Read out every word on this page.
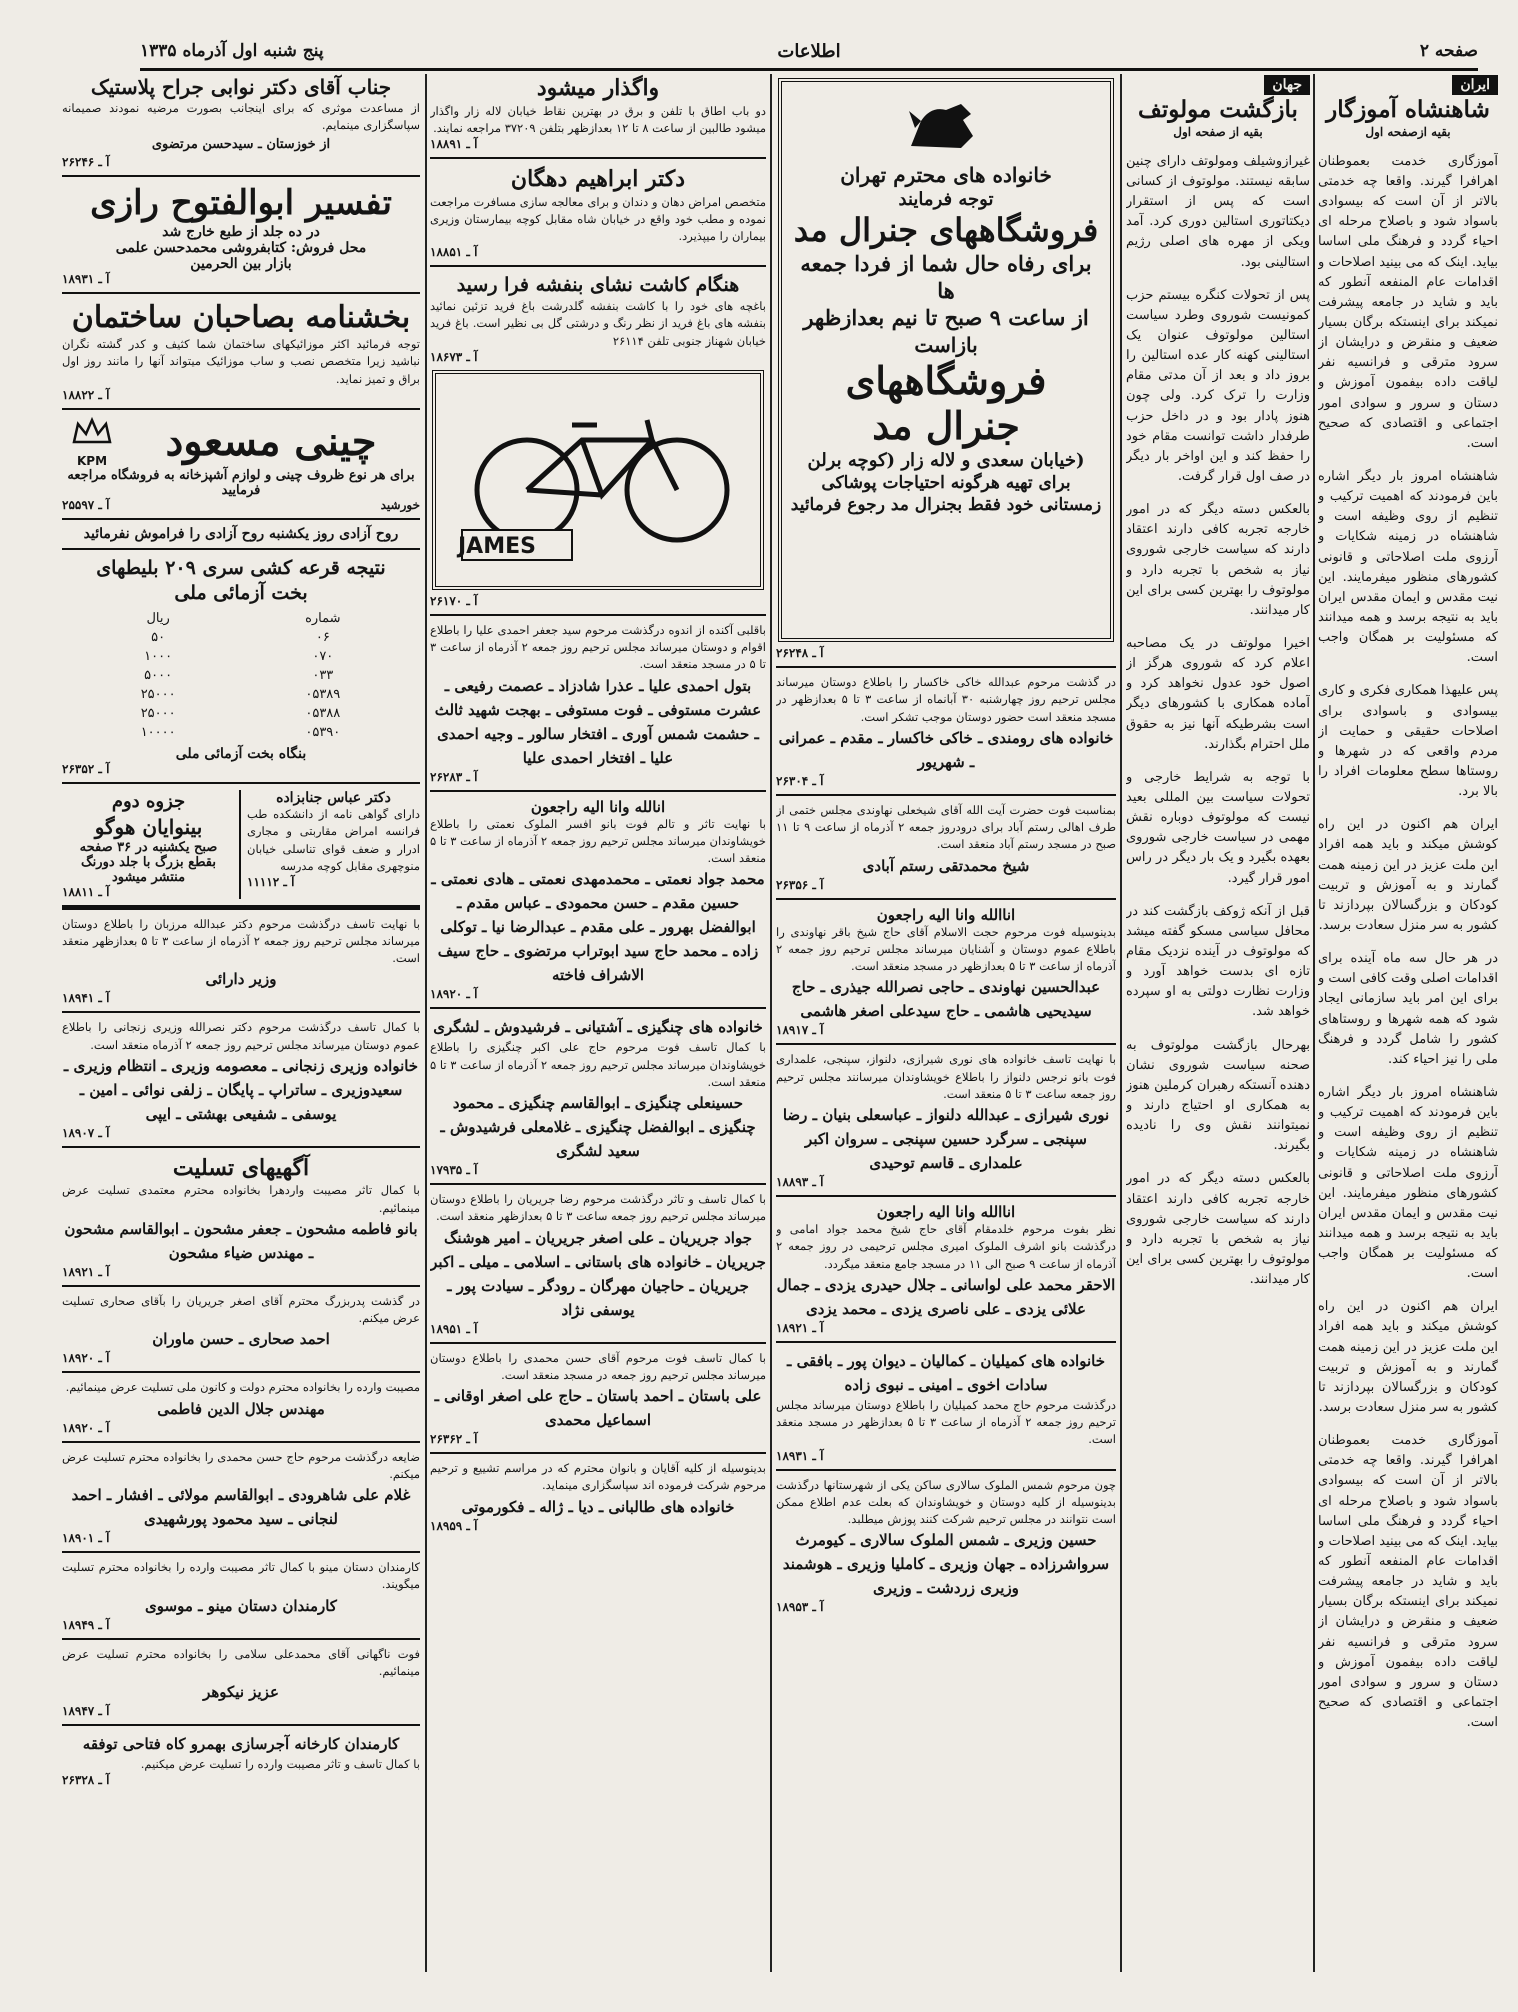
صفحه ۲
اطلاعات
پنج شنبه اول آذرماه ۱۳۳۵
ایران
شاهنشاه آموزگار
بقیه ازصفحه اول

آموزگاری خدمت بعموطنان اهرافرا گیرند. واقعا چه خدمتی بالاتر از آن است که بیسوادی باسواد شود و باصلاح مرحله ای احیاء گردد و فرهنگ ملی اساسا بیاید. اینک که می بینید اصلاحات و اقدامات عام المنفعه آنطور که باید و شاید در جامعه پیشرفت نمیکند برای اینستکه برگان بسیار ضعیف و منقرض و درایشان از سرود مترقی و فرانسیه نفر لیاقت داده بیفمون آموزش و دستان و سرور و سوادی امور اجتماعی و اقتصادی که صحیح است.

شاهنشاه امروز بار دیگر اشاره باین فرمودند که اهمیت ترکیب و تنظیم از روی وظیفه است و شاهنشاه در زمینه شکایات و آرزوی ملت اصلاحاتی و قانونی کشورهای منظور میفرمایند. این نیت مقدس و ایمان مقدس ایران باید به نتیجه برسد و همه میدانند که مسئولیت بر همگان واجب است.

پس علیهذا همکاری فکری و کاری بیسوادی و باسوادی برای اصلاحات حقیقی و حمایت از مردم واقعی که در شهرها و روستاها سطح معلومات افراد را بالا برد.

ایران هم اکنون در این راه کوشش میکند و باید همه افراد این ملت عزیز در این زمینه همت گمارند و به آموزش و تربیت کودکان و بزرگسالان بپردازند تا کشور به سر منزل سعادت برسد.

در هر حال سه ماه آینده برای اقدامات اصلی وقت کافی است و برای این امر باید سازمانی ایجاد شود که همه شهرها و روستاهای کشور را شامل گردد و فرهنگ ملی را نیز احیاء کند.

شاهنشاه امروز بار دیگر اشاره باین فرمودند که اهمیت ترکیب و تنظیم از روی وظیفه است و شاهنشاه در زمینه شکایات و آرزوی ملت اصلاحاتی و قانونی کشورهای منظور میفرمایند. این نیت مقدس و ایمان مقدس ایران باید به نتیجه برسد و همه میدانند که مسئولیت بر همگان واجب است.

ایران هم اکنون در این راه کوشش میکند و باید همه افراد این ملت عزیز در این زمینه همت گمارند و به آموزش و تربیت کودکان و بزرگسالان بپردازند تا کشور به سر منزل سعادت برسد.

آموزگاری خدمت بعموطنان اهرافرا گیرند. واقعا چه خدمتی بالاتر از آن است که بیسوادی باسواد شود و باصلاح مرحله ای احیاء گردد و فرهنگ ملی اساسا بیاید. اینک که می بینید اصلاحات و اقدامات عام المنفعه آنطور که باید و شاید در جامعه پیشرفت نمیکند برای اینستکه برگان بسیار ضعیف و منقرض و درایشان از سرود مترقی و فرانسیه نفر لیاقت داده بیفمون آموزش و دستان و سرور و سوادی امور اجتماعی و اقتصادی که صحیح است.

جهان
بازگشت مولوتف
بقیه از صفحه اول

غیرازوشیلف ومولوتف دارای چنین سابقه نیستند. مولوتوف از کسانی است که پس از استقرار دیکتاتوری استالین دوری کرد. آمد ویکی از مهره های اصلی رژیم استالینی بود.

پس از تحولات کنگره بیستم حزب کمونیست شوروی وطرد سیاست استالین مولوتوف عنوان یک استالینی کهنه کار عده استالین را بروز داد و بعد از آن مدتی مقام وزارت را ترک کرد. ولی چون هنوز پادار بود و در داخل حزب طرفدار داشت توانست مقام خود را حفظ کند و این اواخر بار دیگر در صف اول قرار گرفت.

بالعکس دسته دیگر که در امور خارجه تجربه کافی دارند اعتقاد دارند که سیاست خارجی شوروی نیاز به شخص با تجربه دارد و مولوتوف را بهترین کسی برای این کار میدانند.

اخیرا مولوتف در یک مصاحبه اعلام کرد که شوروی هرگز از اصول خود عدول نخواهد کرد و آماده همکاری با کشورهای دیگر است بشرطیکه آنها نیز به حقوق ملل احترام بگذارند.

با توجه به شرایط خارجی و تحولات سیاست بین المللی بعید نیست که مولوتوف دوباره نقش مهمی در سیاست خارجی شوروی بعهده بگیرد و یک بار دیگر در راس امور قرار گیرد.

قبل از آنکه ژوکف بازگشت کند در محافل سیاسی مسکو گفته میشد که مولوتوف در آینده نزدیک مقام تازه ای بدست خواهد آورد و وزارت نظارت دولتی به او سپرده خواهد شد.

بهرحال بازگشت مولوتوف به صحنه سیاست شوروی نشان دهنده آنستکه رهبران کرملین هنوز به همکاری او احتیاج دارند و نمیتوانند نقش وی را نادیده بگیرند.

بالعکس دسته دیگر که در امور خارجه تجربه کافی دارند اعتقاد دارند که سیاست خارجی شوروی نیاز به شخص با تجربه دارد و مولوتوف را بهترین کسی برای این کار میدانند.

خانواده های محترم تهران
توجه فرمایند
فروشگاههای جنرال مد
برای رفاه حال شما از فردا جمعه ها
از ساعت ۹ صبح تا نیم بعدازظهر
بازاست
فروشگاههای
جنرال مد
(خیابان سعدی و لاله زار (کوچه برلن
برای تهیه هرگونه احتیاجات پوشاکی
زمستانی خود فقط بجنرال مد رجوع فرمائید
آ ـ ۲۶۲۴۸
در گذشت مرحوم عبدالله خاکی خاکسار را باطلاع دوستان میرساند مجلس ترحیم روز چهارشنبه ۳۰ آبانماه از ساعت ۳ تا ۵ بعدازظهر در مسجد منعقد است حضور دوستان موجب تشکر است.
خانواده های رومندی ـ خاکی خاکسار ـ مقدم ـ عمرانی ـ شهریور
آ ـ ۲۶۳۰۴
بمناسبت فوت حضرت آیت الله آقای شیخعلی نهاوندی مجلس ختمی از طرف اهالی رستم آباد برای درودروز جمعه ۲ آذرماه از ساعت ۹ تا ۱۱ صبح در مسجد رستم آباد منعقد است.
شیخ محمدتقی رستم آبادی
آ ـ ۲۶۳۵۶
اناالله وانا الیه راجعون
بدینوسیله فوت مرحوم حجت الاسلام آقای حاج شیخ باقر نهاوندی را باطلاع عموم دوستان و آشنایان میرساند مجلس ترحیم روز جمعه ۲ آذرماه از ساعت ۳ تا ۵ بعدازظهر در مسجد منعقد است.
عبدالحسین نهاوندی ـ حاجی نصرالله جیذری ـ حاج سیدیحیی هاشمی ـ حاج سیدعلی اصغر هاشمی
آ ـ ۱۸۹۱۷
با نهایت تاسف خانواده های نوری شیرازی، دلنواز، سپنجی، علمداری فوت بانو نرجس دلنواز را باطلاع خویشاوندان میرسانند مجلس ترحیم روز جمعه ساعت ۳ تا ۵ منعقد است.
نوری شیرازی ـ عبدالله دلنواز ـ عباسعلی بنیان ـ رضا سپنجی ـ سرگرد حسین سپنجی ـ سروان اکبر علمداری ـ قاسم توحیدی
آ ـ ۱۸۸۹۳
اناالله وانا الیه راجعون
نظر بفوت مرحوم خلدمقام آقای حاج شیخ محمد جواد امامی و درگذشت بانو اشرف الملوک امیری مجلس ترحیمی در روز جمعه ۲ آذرماه از ساعت ۹ صبح الی ۱۱ در مسجد جامع منعقد میگردد.
الاحقر محمد علی لواسانی ـ جلال حیدری یزدی ـ جمال علائی یزدی ـ علی ناصری یزدی ـ محمد یزدی
آ ـ ۱۸۹۲۱
خانواده های کمیلیان ـ کمالیان ـ دیوان پور ـ بافقی ـ سادات اخوی ـ امینی ـ نبوی زاده
درگذشت مرحوم حاج محمد کمیلیان را باطلاع دوستان میرساند مجلس ترحیم روز جمعه ۲ آذرماه از ساعت ۳ تا ۵ بعدازظهر در مسجد منعقد است.
آ ـ ۱۸۹۳۱
چون مرحوم شمس الملوک سالاری ساکن یکی از شهرستانها درگذشت بدینوسیله از کلیه دوستان و خویشاوندان که بعلت عدم اطلاع ممکن است نتوانند در مجلس ترحیم شرکت کنند پوزش میطلبد.
حسین وزیری ـ شمس الملوک سالاری ـ کیومرث سرواشرزاده ـ جهان وزیری ـ کاملیا وزیری ـ هوشمند وزیری زردشت ـ وزیری
آ ـ ۱۸۹۵۳
واگذار میشود
دو باب اطاق با تلفن و برق در بهترین نقاط خیابان لاله زار واگذار میشود طالبین از ساعت ۸ تا ۱۲ بعدازظهر بتلفن ۳۷۲۰۹ مراجعه نمایند.
آ ـ ۱۸۸۹۱
دکتر ابراهیم دهگان
متخصص امراض دهان و دندان و برای معالجه سازی مسافرت مراجعت نموده و مطب خود واقع در خیابان شاه مقابل کوچه بیمارستان وزیری بیماران را میپذیرد.
آ ـ ۱۸۸۵۱
هنگام کاشت نشای بنفشه فرا رسید
باغچه های خود را با کاشت بنفشه گلدرشت باغ فرید تزئین نمائید بنفشه های باغ فرید از نظر رنگ و درشتی گل بی نظیر است. باغ فرید خیابان شهناز جنوبی تلفن ۲۶۱۱۴
آ ـ ۱۸۶۷۳
JAMES
آ ـ ۲۶۱۷۰
باقلبی آکنده از اندوه درگذشت مرحوم سید جعفر احمدی علیا را باطلاع اقوام و دوستان میرساند مجلس ترحیم روز جمعه ۲ آذرماه از ساعت ۳ تا ۵ در مسجد منعقد است.
بتول احمدی علیا ـ عذرا شادزاد ـ عصمت رفیعی ـ عشرت مستوفی ـ فوت مستوفی ـ بهجت شهید ثالث ـ حشمت شمس آوری ـ افتخار سالور ـ وجیه احمدی علیا ـ افتخار احمدی علیا
آ ـ ۲۶۲۸۳
انالله وانا الیه راجعون
با نهایت تاثر و تالم فوت بانو افسر الملوک نعمتی را باطلاع خویشاوندان میرساند مجلس ترحیم روز جمعه ۲ آذرماه از ساعت ۳ تا ۵ منعقد است.
محمد جواد نعمتی ـ محمدمهدی نعمتی ـ هادی نعمتی ـ حسین مقدم ـ حسن محمودی ـ عباس مقدم ـ ابوالفضل بهرور ـ علی مقدم ـ عبدالرضا نیا ـ توکلی زاده ـ محمد حاج سید ابوتراب مرتضوی ـ حاج سیف الاشراف فاخته
آ ـ ۱۸۹۲۰
خانواده های چنگیزی ـ آشتیانی ـ فرشیدوش ـ لشگری
با کمال تاسف فوت مرحوم حاج علی اکبر چنگیزی را باطلاع خویشاوندان میرساند مجلس ترحیم روز جمعه ۲ آذرماه از ساعت ۳ تا ۵ منعقد است.
حسینعلی چنگیزی ـ ابوالقاسم چنگیزی ـ محمود چنگیزی ـ ابوالفضل چنگیزی ـ غلامعلی فرشیدوش ـ سعید لشگری
آ ـ ۱۷۹۳۵
با کمال تاسف و تاثر درگذشت مرحوم رضا جریریان را باطلاع دوستان میرساند مجلس ترحیم روز جمعه ساعت ۳ تا ۵ بعدازظهر منعقد است.
جواد جریریان ـ علی اصغر جریریان ـ امیر هوشنگ جریریان ـ خانواده های باستانی ـ اسلامی ـ میلی ـ اکبر جریریان ـ حاجیان مهرگان ـ رودگر ـ سیادت پور ـ یوسفی نژاد
آ ـ ۱۸۹۵۱
با کمال تاسف فوت مرحوم آقای حسن محمدی را باطلاع دوستان میرساند مجلس ترحیم روز جمعه در مسجد منعقد است.
علی باستان ـ احمد باستان ـ حاج علی اصغر اوقانی ـ اسماعیل محمدی
آ ـ ۲۶۳۶۲
بدینوسیله از کلیه آقایان و بانوان محترم که در مراسم تشییع و ترحیم مرحوم شرکت فرموده اند سپاسگزاری مینماید.
خانواده های طالبانی ـ دیا ـ ژاله ـ فکورموتی
آ ـ ۱۸۹۵۹
جناب آقای دکتر نوابی جراح پلاستیک
از مساعدت موثری که برای اینجانب بصورت مرضیه نمودند صمیمانه سپاسگزاری مینمایم.
از خوزستان ـ سیدحسن مرتضوی
آ ـ ۲۶۲۴۶
تفسیر ابوالفتوح رازی
در ده جلد از طبع خارج شد
محل فروش: کتابفروشی محمدحسن علمی
بازار بین الحرمین
آ ـ ۱۸۹۳۱
بخشنامه بصاحبان ساختمان
توجه فرمائید اکثر موزائیکهای ساختمان شما کثیف و کدر گشته نگران نباشید زیرا متخصص نصب و ساب موزائیک میتواند آنها را مانند روز اول براق و تمیز نماید.
آ ـ ۱۸۸۲۲
چینی مسعود
KPM
برای هر نوع ظروف چینی و لوازم آشپزخانه به فروشگاه مراجعه فرمایید
خورشید
آ ـ ۲۵۵۹۷
روح آزادی روز یکشنبه روح آزادی را فراموش نفرمائید
نتیجه قرعه کشی سری ۲۰۹ بلیطهای
بخت آزمائی ملی
شماره	ریال
۰۶	۵۰
۰۷۰	۱۰۰۰
۰۳۳	۵۰۰۰
۰۵۳۸۹	۲۵۰۰۰
۰۵۳۸۸	۲۵۰۰۰
۰۵۳۹۰	۱۰۰۰۰
بنگاه بخت آزمائی ملی
آ ـ ۲۶۳۵۲
دکتر عباس جنابزاده
دارای گواهی نامه از دانشکده طب فرانسه امراض مقاربتی و مجاری ادرار و ضعف قوای تناسلی خیابان منوچهری مقابل کوچه مدرسه
آ ـ ۱۱۱۱۲
جزوه دوم
بینوایان هوگو
صبح یکشنبه در ۳۶ صفحه
بقطع بزرگ با جلد دورنگ منتشر میشود
آ ـ ۱۸۸۱۱
با نهایت تاسف درگذشت مرحوم دکتر عبدالله مرزبان را باطلاع دوستان میرساند مجلس ترحیم روز جمعه ۲ آذرماه از ساعت ۳ تا ۵ بعدازظهر منعقد است.
وزیر دارائی
آ ـ ۱۸۹۴۱
با کمال تاسف درگذشت مرحوم دکتر نصرالله وزیری زنجانی را باطلاع عموم دوستان میرساند مجلس ترحیم روز جمعه ۲ آذرماه منعقد است.
خانواده وزیری زنجانی ـ معصومه وزیری ـ انتظام وزیری ـ سعیدوزیری ـ ساتراپ ـ پایگان ـ زلفی نوائی ـ امین ـ یوسفی ـ شفیعی بهشتی ـ ایپی
آ ـ ۱۸۹۰۷
آگهیهای تسلیت
با کمال تاثر مصیبت واردهرا بخانواده محترم معتمدی تسلیت عرض مینمائیم.
بانو فاطمه مشحون ـ جعفر مشحون ـ ابوالقاسم مشحون ـ مهندس ضیاء مشحون
آ ـ ۱۸۹۲۱
در گذشت پدربزرگ محترم آقای اصغر جریریان را بآقای صحاری تسلیت عرض میکنم.
احمد صحاری ـ حسن ماوران
آ ـ ۱۸۹۲۰
مصیبت وارده را بخانواده محترم دولت و کانون ملی تسلیت عرض مینمائیم.
مهندس جلال الدین فاطمی
آ ـ ۱۸۹۲۰
ضایعه درگذشت مرحوم حاج حسن محمدی را بخانواده محترم تسلیت عرض میکنم.
غلام علی شاهرودی ـ ابوالقاسم مولائی ـ افشار ـ احمد لنجانی ـ سید محمود پورشهیدی
آ ـ ۱۸۹۰۱
کارمندان دستان مینو با کمال تاثر مصیبت وارده را بخانواده محترم تسلیت میگویند.
کارمندان دستان مینو ـ موسوی
آ ـ ۱۸۹۴۹
فوت ناگهانی آقای محمدعلی سلامی را بخانواده محترم تسلیت عرض مینمائیم.
عزیز نیکوهر
آ ـ ۱۸۹۴۷
کارمندان کارخانه آجرسازی بهمرو کاه فتاحی توفقه
با کمال تاسف و تاثر مصیبت وارده را تسلیت عرض میکنیم.
آ ـ ۲۶۳۲۸
